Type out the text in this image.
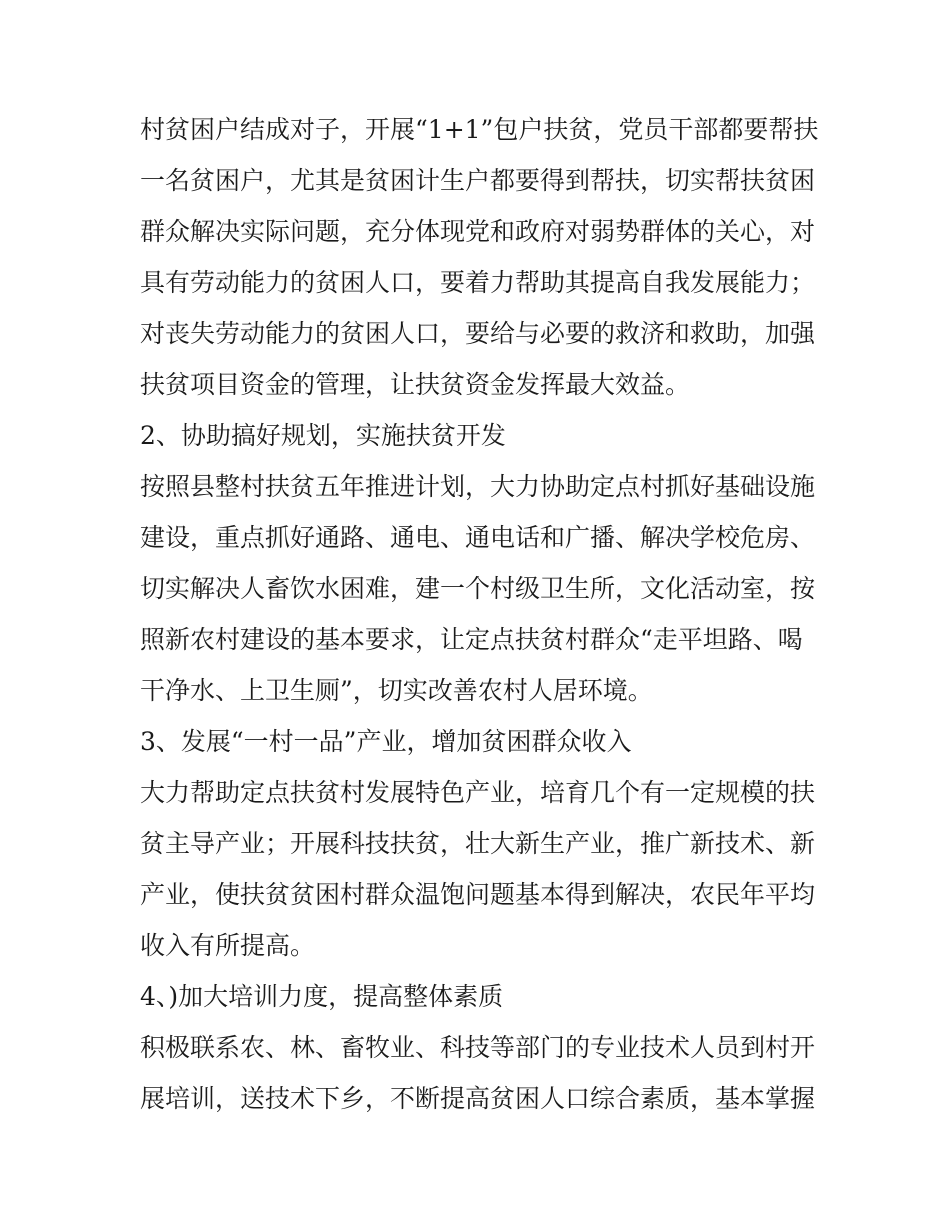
村贫困户结成对子，开展“1+1”包户扶贫，党员干部都要帮扶
一名贫困户，尤其是贫困计生户都要得到帮扶，切实帮扶贫困
群众解决实际问题，充分体现党和政府对弱势群体的关心，对
具有劳动能力的贫困人口，要着力帮助其提高自我发展能力；
对丧失劳动能力的贫困人口，要给与必要的救济和救助，加强
扶贫项目资金的管理，让扶贫资金发挥最大效益。
2、协助搞好规划，实施扶贫开发
按照县整村扶贫五年推进计划，大力协助定点村抓好基础设施
建设，重点抓好通路、通电、通电话和广播、解决学校危房、
切实解决人畜饮水困难，建一个村级卫生所，文化活动室，按
照新农村建设的基本要求，让定点扶贫村群众“走平坦路、喝
干净水、上卫生厕”，切实改善农村人居环境。
3、发展“一村一品”产业，增加贫困群众收入
大力帮助定点扶贫村发展特色产业，培育几个有一定规模的扶
贫主导产业；开展科技扶贫，壮大新生产业，推广新技术、新
产业，使扶贫贫困村群众温饱问题基本得到解决，农民年平均
收入有所提高。
4、)加大培训力度，提高整体素质
积极联系农、林、畜牧业、科技等部门的专业技术人员到村开
展培训，送技术下乡，不断提高贫困人口综合素质，基本掌握
